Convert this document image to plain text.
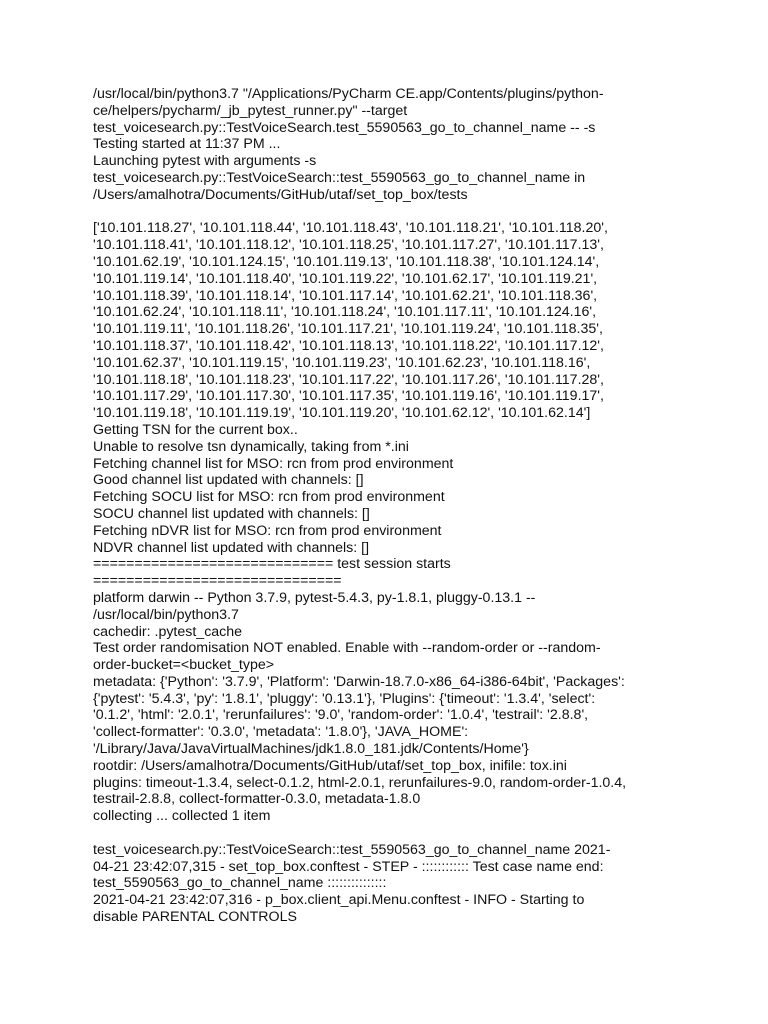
/usr/local/bin/python3.7 "/Applications/PyCharm CE.app/Contents/plugins/python-
ce/helpers/pycharm/_jb_pytest_runner.py" --target
test_voicesearch.py::TestVoiceSearch.test_5590563_go_to_channel_name -- -s
Testing started at 11:37 PM ...
Launching pytest with arguments -s
test_voicesearch.py::TestVoiceSearch::test_5590563_go_to_channel_name in
/Users/amalhotra/Documents/GitHub/utaf/set_top_box/tests
['10.101.118.27', '10.101.118.44', '10.101.118.43', '10.101.118.21', '10.101.118.20',
'10.101.118.41', '10.101.118.12', '10.101.118.25', '10.101.117.27', '10.101.117.13',
'10.101.62.19', '10.101.124.15', '10.101.119.13', '10.101.118.38', '10.101.124.14',
'10.101.119.14', '10.101.118.40', '10.101.119.22', '10.101.62.17', '10.101.119.21',
'10.101.118.39', '10.101.118.14', '10.101.117.14', '10.101.62.21', '10.101.118.36',
'10.101.62.24', '10.101.118.11', '10.101.118.24', '10.101.117.11', '10.101.124.16',
'10.101.119.11', '10.101.118.26', '10.101.117.21', '10.101.119.24', '10.101.118.35',
'10.101.118.37', '10.101.118.42', '10.101.118.13', '10.101.118.22', '10.101.117.12',
'10.101.62.37', '10.101.119.15', '10.101.119.23', '10.101.62.23', '10.101.118.16',
'10.101.118.18', '10.101.118.23', '10.101.117.22', '10.101.117.26', '10.101.117.28',
'10.101.117.29', '10.101.117.30', '10.101.117.35', '10.101.119.16', '10.101.119.17',
'10.101.119.18', '10.101.119.19', '10.101.119.20', '10.101.62.12', '10.101.62.14']
Getting TSN for the current box..
Unable to resolve tsn dynamically, taking from *.ini
Fetching channel list for MSO: rcn from prod environment
Good channel list updated with channels: []
Fetching SOCU list for MSO: rcn from prod environment
SOCU channel list updated with channels: []
Fetching nDVR list for MSO: rcn from prod environment
NDVR channel list updated with channels: []
============================= test session starts
==============================
platform darwin -- Python 3.7.9, pytest-5.4.3, py-1.8.1, pluggy-0.13.1 --
/usr/local/bin/python3.7
cachedir: .pytest_cache
Test order randomisation NOT enabled. Enable with --random-order or --random-
order-bucket=<bucket_type>
metadata: {'Python': '3.7.9', 'Platform': 'Darwin-18.7.0-x86_64-i386-64bit', 'Packages':
{'pytest': '5.4.3', 'py': '1.8.1', 'pluggy': '0.13.1'}, 'Plugins': {'timeout': '1.3.4', 'select':
'0.1.2', 'html': '2.0.1', 'rerunfailures': '9.0', 'random-order': '1.0.4', 'testrail': '2.8.8',
'collect-formatter': '0.3.0', 'metadata': '1.8.0'}, 'JAVA_HOME':
'/Library/Java/JavaVirtualMachines/jdk1.8.0_181.jdk/Contents/Home'}
rootdir: /Users/amalhotra/Documents/GitHub/utaf/set_top_box, inifile: tox.ini
plugins: timeout-1.3.4, select-0.1.2, html-2.0.1, rerunfailures-9.0, random-order-1.0.4,
testrail-2.8.8, collect-formatter-0.3.0, metadata-1.8.0
collecting ... collected 1 item
test_voicesearch.py::TestVoiceSearch::test_5590563_go_to_channel_name 2021-
04-21 23:42:07,315 - set_top_box.conftest - STEP - :::::::::::: Test case name end:
test_5590563_go_to_channel_name :::::::::::::::
2021-04-21 23:42:07,316 - p_box.client_api.Menu.conftest - INFO - Starting to
disable PARENTAL CONTROLS
